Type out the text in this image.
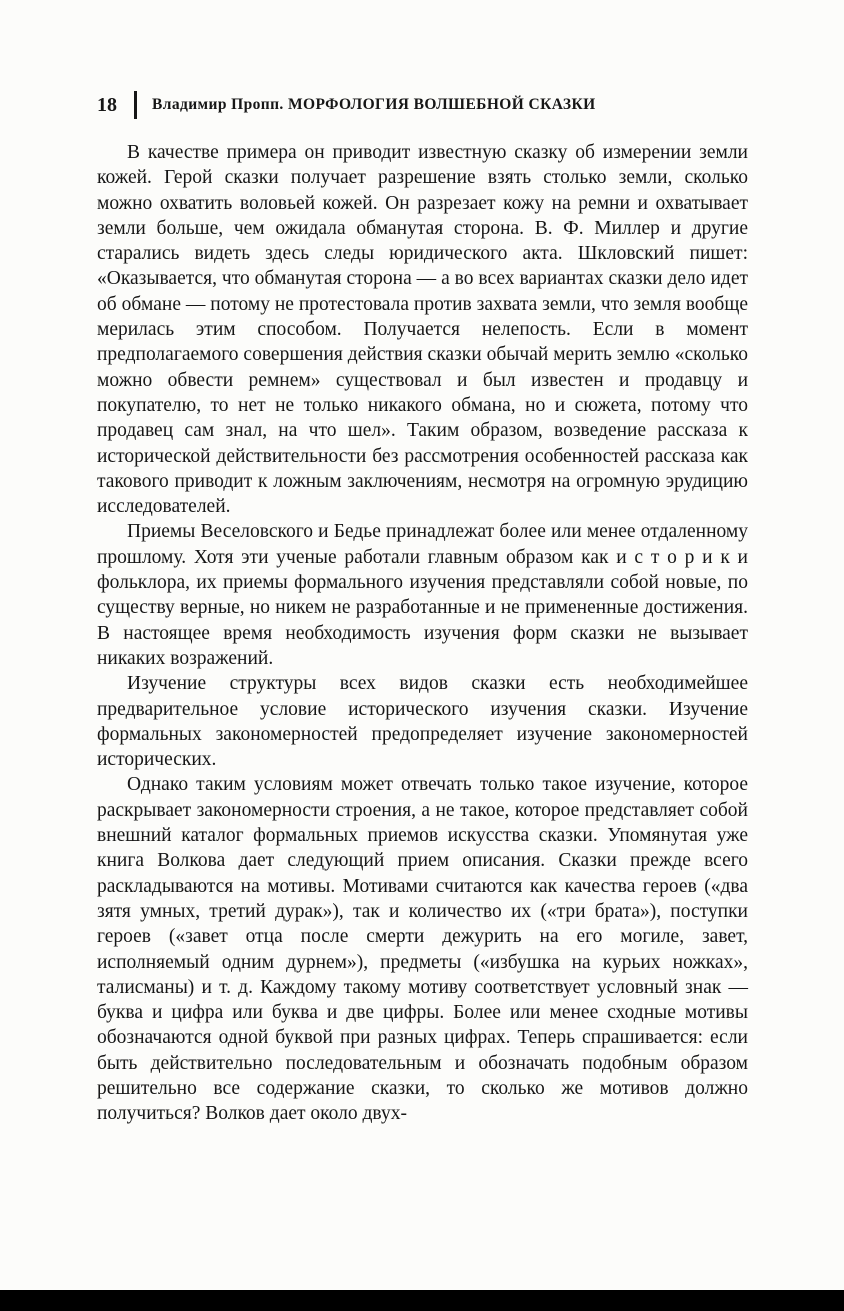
18 Владимир Пропп. МОРФОЛОГИЯ ВОЛШЕБНОЙ СКАЗКИ

В качестве примера он приводит известную сказку об измерении земли кожей. Герой сказки получает разрешение взять столько земли, сколько можно охватить воловьей кожей. Он разрезает кожу на ремни и охватывает земли больше, чем ожидала обманутая сторона. В. Ф. Миллер и другие старались видеть здесь следы юридического акта. Шкловский пишет: «Оказывается, что обманутая сторона — а во всех вариантах сказки дело идет об обмане — потому не протестовала против захвата земли, что земля вообще мерилась этим способом. Получается нелепость. Если в момент предполагаемого совершения действия сказки обычай мерить землю «сколько можно обвести ремнем» существовал и был известен и продавцу и покупателю, то нет не только никакого обмана, но и сюжета, потому что продавец сам знал, на что шел». Таким образом, возведение рассказа к исторической действительности без рассмотрения особенностей рассказа как такового приводит к ложным заключениям, несмотря на огромную эрудицию исследователей.

Приемы Веселовского и Бедье принадлежат более или менее отдаленному прошлому. Хотя эти ученые работали главным образом как и с т о р и к и фольклора, их приемы формального изучения представляли собой новые, по существу верные, но никем не разработанные и не примененные достижения. В настоящее время необходимость изучения форм сказки не вызывает никаких возражений.

Изучение структуры всех видов сказки есть необходимейшее предварительное условие исторического изучения сказки. Изучение формальных закономерностей предопределяет изучение закономерностей исторических.

Однако таким условиям может отвечать только такое изучение, которое раскрывает закономерности строения, а не такое, которое представляет собой внешний каталог формальных приемов искусства сказки. Упомянутая уже книга Волкова дает следующий прием описания. Сказки прежде всего раскладываются на мотивы. Мотивами считаются как качества героев («два зятя умных, третий дурак»), так и количество их («три брата»), поступки героев («завет отца после смерти дежурить на его могиле, завет, исполняемый одним дурнем»), предметы («избушка на курьих ножках», талисманы) и т. д. Каждому такому мотиву соответствует условный знак — буква и цифра или буква и две цифры. Более или менее сходные мотивы обозначаются одной буквой при разных цифрах. Теперь спрашивается: если быть действительно последовательным и обозначать подобным образом решительно все содержание сказки, то сколько же мотивов должно получиться? Волков дает около двух-
